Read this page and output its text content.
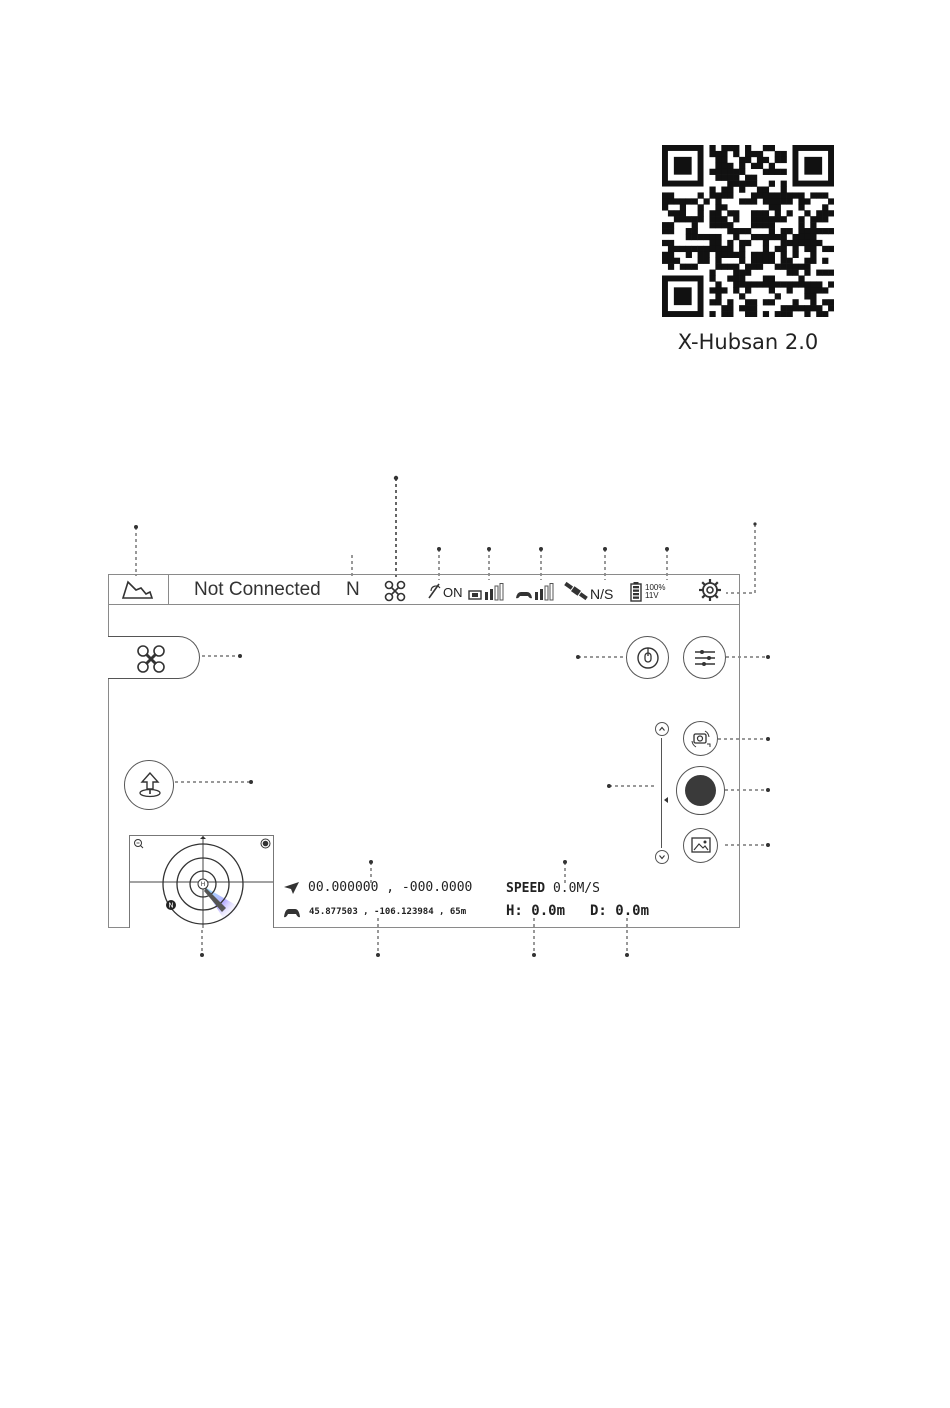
X-Hubsan 2.0
Not Connected N	ON	N/S	100%
11V
H
N
00.000000 , -000.0000
45.877503 , -106.123984 , 65m
SPEED 0.0M/S
H: 0.0m D: 0.0m
